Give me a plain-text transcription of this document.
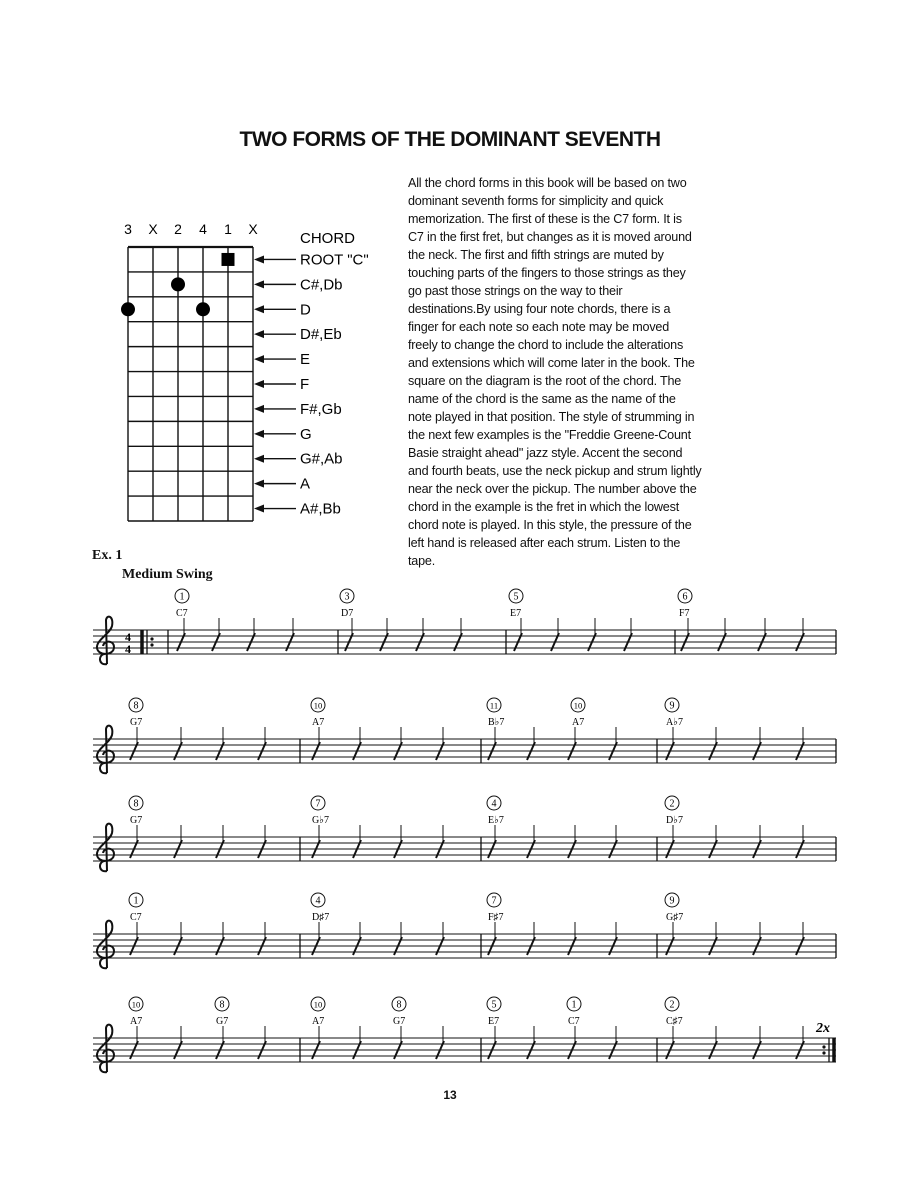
TWO FORMS OF THE DOMINANT SEVENTH
3 X 2 4 1 X
CHORD
ROOT "C"
C#,Db
D
D#,Eb
E
F
F#,Gb
G
G#,Ab
A
A#,Bb
All the chord forms in this book will be based on two
dominant seventh forms for simplicity and quick
memorization. The first of these is the C7 form. It is
C7 in the first fret, but changes as it is moved around
the neck. The first and fifth strings are muted by
touching parts of the fingers to those strings as they
go past those strings on the way to their
destinations.By using four note chords, there is a
finger for each note so each note may be moved
freely to change the chord to include the alterations
and extensions which will come later in the book. The
square on the diagram is the root of the chord. The
name of the chord is the same as the name of the
note played in that position. The style of strumming in
the next few examples is the "Freddie Greene-Count
Basie straight ahead" jazz style. Accent the second
and fourth beats, use the neck pickup and strum lightly
near the neck over the pickup. The number above the
chord in the example is the fret in which the lowest
chord note is played. In this style, the pressure of the
left hand is released after each strum. Listen to the
tape.
Ex. 1
Medium Swing
4
4
1
C7
3
D7
5
E7
6
F7
8
G7
10
A7
11
B♭7
10
A7
9
A♭7
8
G7
7
G♭7
4
E♭7
2
D♭7
1
C7
4
D♯7
7
F♯7
9
G♯7
2x
10
A7
8
G7
10
A7
8
G7
5
E7
1
C7
2
C♯7
13
